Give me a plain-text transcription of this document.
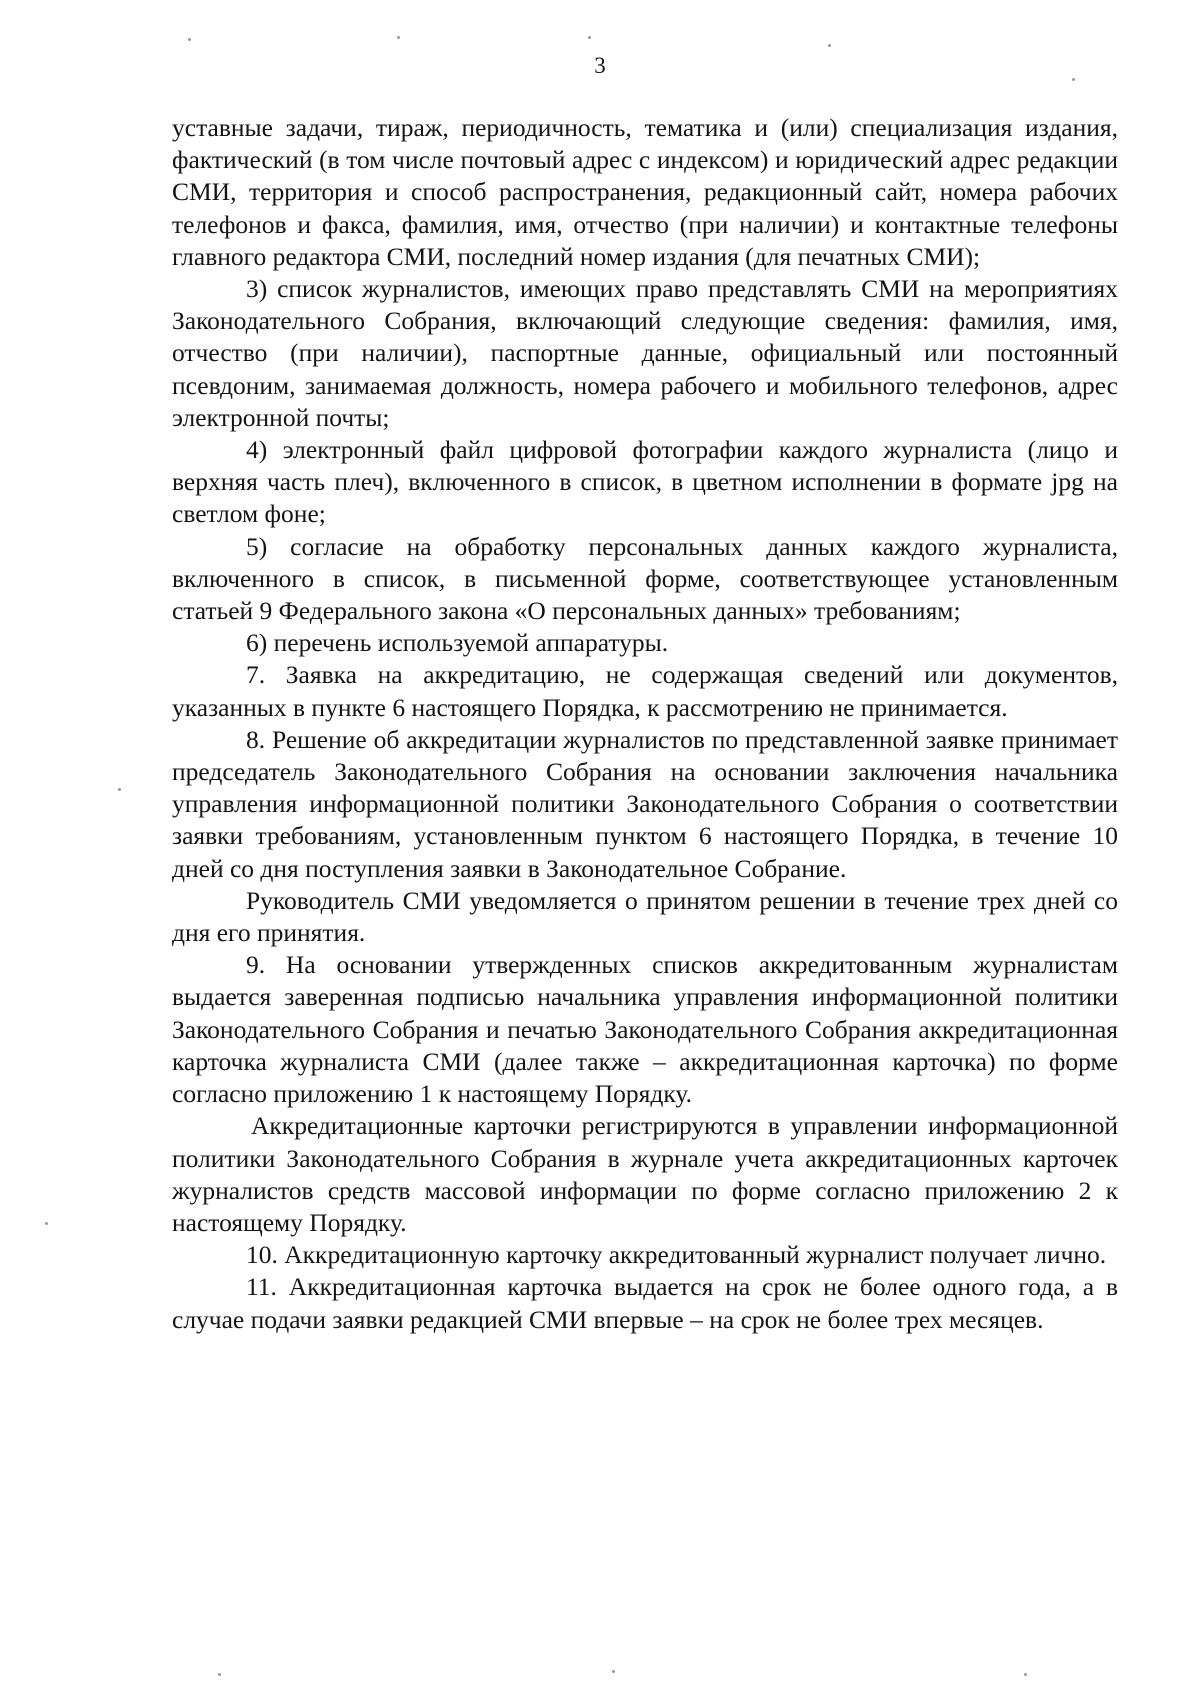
3

уставные задачи, тираж, периодичность, тематика и (или) специализация издания, фактический (в том числе почтовый адрес с индексом) и юридический адрес редакции СМИ, территория и способ распространения, редакционный сайт, номера рабочих телефонов и факса, фамилия, имя, отчество (при наличии) и контактные телефоны главного редактора СМИ, последний номер издания (для печатных СМИ);

3) список журналистов, имеющих право представлять СМИ на мероприятиях Законодательного Собрания, включающий следующие сведения: фамилия, имя, отчество (при наличии), паспортные данные, официальный или постоянный псевдоним, занимаемая должность, номера рабочего и мобильного телефонов, адрес электронной почты;

4) электронный файл цифровой фотографии каждого журналиста (лицо и верхняя часть плеч), включенного в список, в цветном исполнении в формате jpg на светлом фоне;

5) согласие на обработку персональных данных каждого журналиста, включенного в список, в письменной форме, соответствующее установленным статьей 9 Федерального закона «О персональных данных» требованиям;

6) перечень используемой аппаратуры.

7. Заявка на аккредитацию, не содержащая сведений или документов, указанных в пункте 6 настоящего Порядка, к рассмотрению не принимается.

8. Решение об аккредитации журналистов по представленной заявке принимает председатель Законодательного Собрания на основании заключения начальника управления информационной политики Законодательного Собрания о соответствии заявки требованиям, установленным пунктом 6 настоящего Порядка, в течение 10 дней со дня поступления заявки в Законодательное Собрание.

Руководитель СМИ уведомляется о принятом решении в течение трех дней со дня его принятия.

9. На основании утвержденных списков аккредитованным журналистам выдается заверенная подписью начальника управления информационной политики Законодательного Собрания и печатью Законодательного Собрания аккредитационная карточка журналиста СМИ (далее также – аккредитационная карточка) по форме согласно приложению 1 к настоящему Порядку.

Аккредитационные карточки регистрируются в управлении информационной политики Законодательного Собрания в журнале учета аккредитационных карточек журналистов средств массовой информации по форме согласно приложению 2 к настоящему Порядку.

10. Аккредитационную карточку аккредитованный журналист получает лично.

11. Аккредитационная карточка выдается на срок не более одного года, а в случае подачи заявки редакцией СМИ впервые – на срок не более трех месяцев.
